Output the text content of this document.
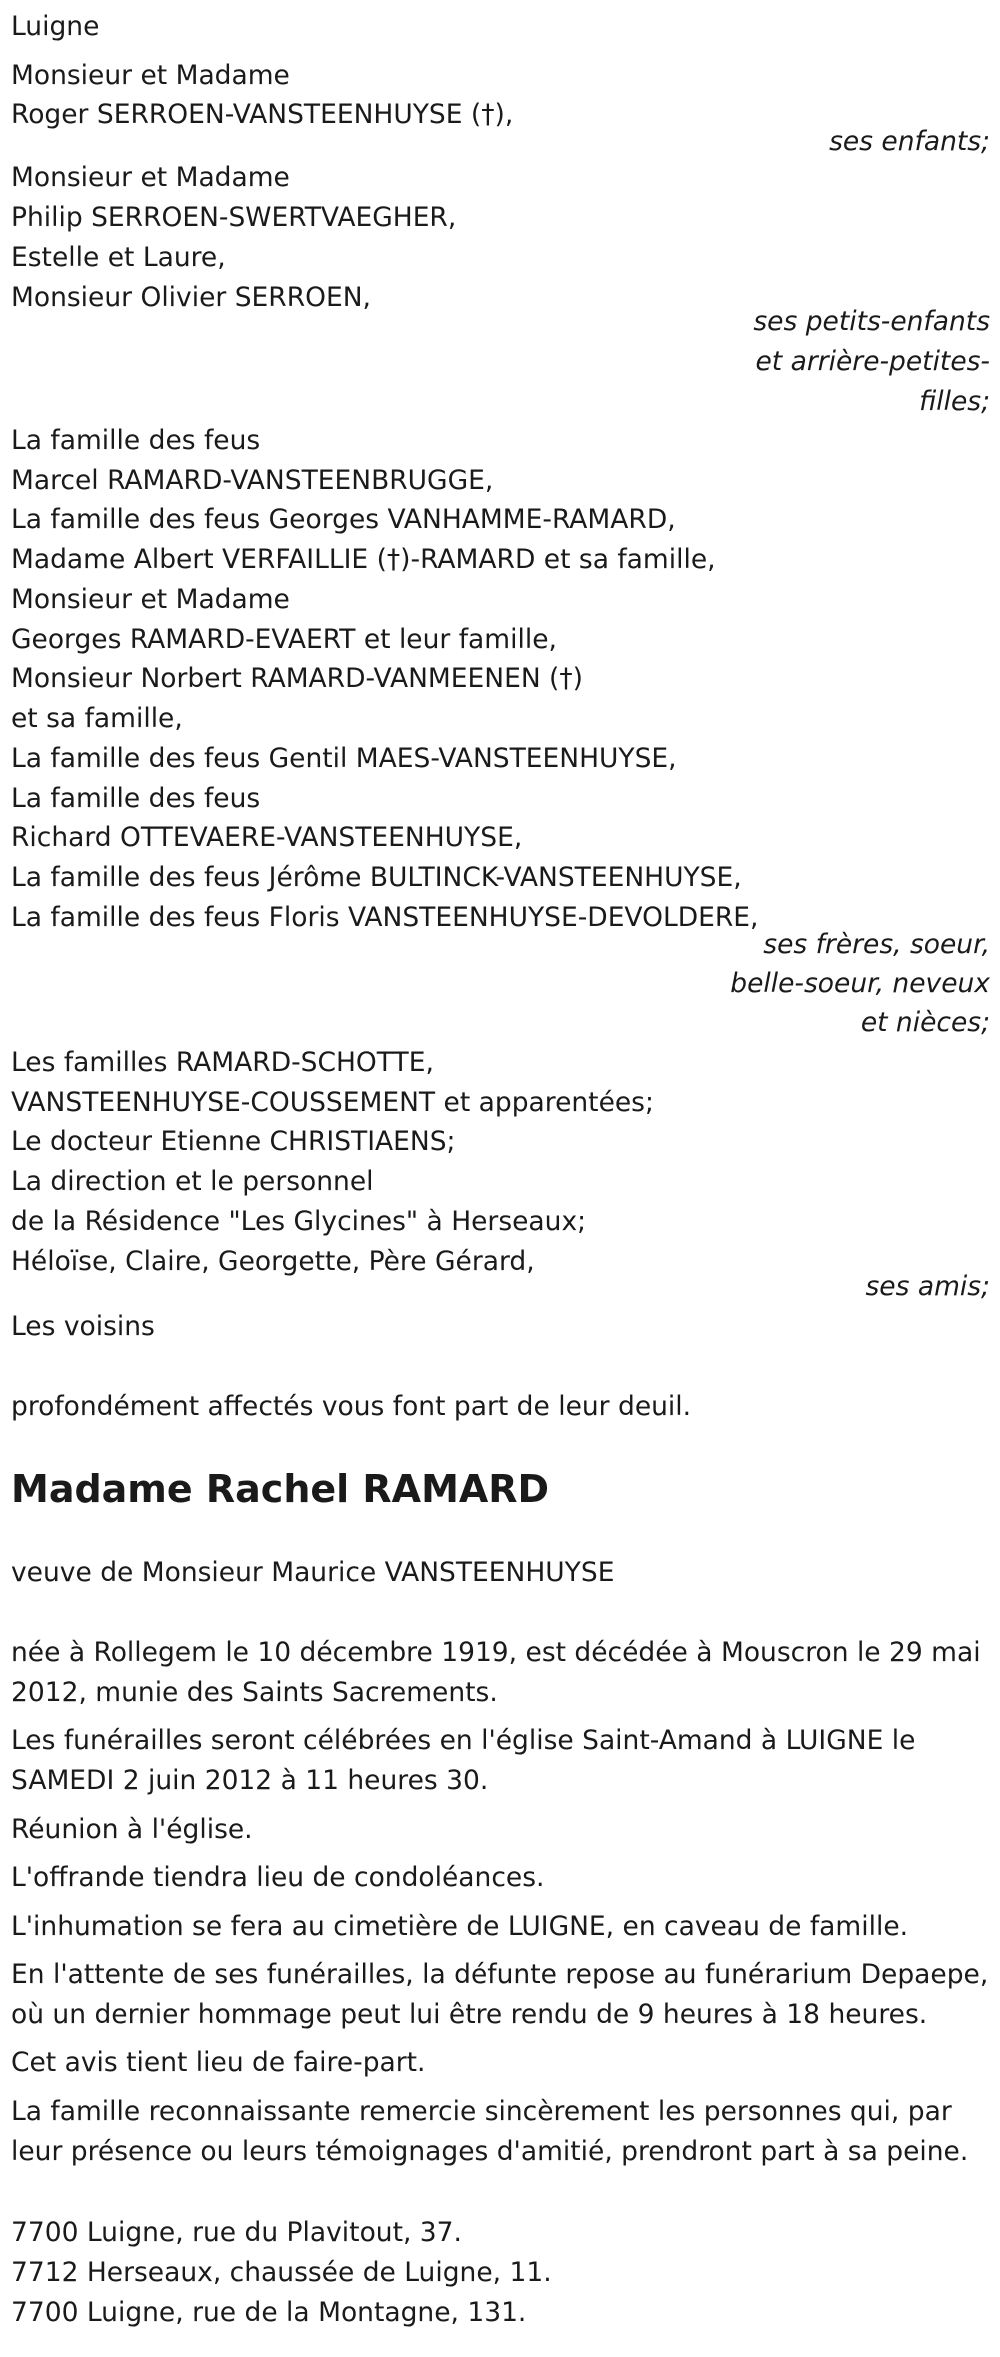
Luigne
Monsieur et Madame
Roger SERROEN-VANSTEENHUYSE (†),
ses enfants;
Monsieur et Madame
Philip SERROEN-SWERTVAEGHER,
Estelle et Laure,
Monsieur Olivier SERROEN,
ses petits-enfants
et arrière-petites-
filles;
La famille des feus
Marcel RAMARD-VANSTEENBRUGGE,
La famille des feus Georges VANHAMME-RAMARD,
Madame Albert VERFAILLIE (†)-RAMARD et sa famille,
Monsieur et Madame
Georges RAMARD-EVAERT et leur famille,
Monsieur Norbert RAMARD-VANMEENEN (†)
et sa famille,
La famille des feus Gentil MAES-VANSTEENHUYSE,
La famille des feus
Richard OTTEVAERE-VANSTEENHUYSE,
La famille des feus Jérôme BULTINCK-VANSTEENHUYSE,
La famille des feus Floris VANSTEENHUYSE-DEVOLDERE,
ses frères, soeur,
belle-soeur, neveux
et nièces;
Les familles RAMARD-SCHOTTE,
VANSTEENHUYSE-COUSSEMENT et apparentées;
Le docteur Etienne CHRISTIAENS;
La direction et le personnel
de la Résidence "Les Glycines" à Herseaux;
Héloïse, Claire, Georgette, Père Gérard,
ses amis;
Les voisins
profondément affectés vous font part de leur deuil.
Madame Rachel RAMARD
veuve de Monsieur Maurice VANSTEENHUYSE
née à Rollegem le 10 décembre 1919, est décédée à Mouscron le 29 mai
2012, munie des Saints Sacrements.
Les funérailles seront célébrées en l'église Saint-Amand à LUIGNE le
SAMEDI 2 juin 2012 à 11 heures 30.
Réunion à l'église.
L'offrande tiendra lieu de condoléances.
L'inhumation se fera au cimetière de LUIGNE, en caveau de famille.
En l'attente de ses funérailles, la défunte repose au funérarium Depaepe,
où un dernier hommage peut lui être rendu de 9 heures à 18 heures.
Cet avis tient lieu de faire-part.
La famille reconnaissante remercie sincèrement les personnes qui, par
leur présence ou leurs témoignages d'amitié, prendront part à sa peine.
7700 Luigne, rue du Plavitout, 37.
7712 Herseaux, chaussée de Luigne, 11.
7700 Luigne, rue de la Montagne, 131.
